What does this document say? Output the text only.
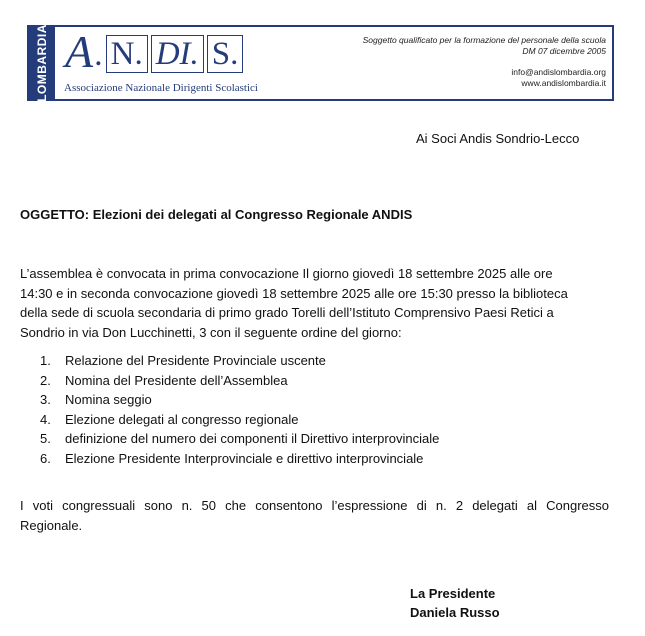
LOMBARDIA A . N . DI . S .
Associazione Nazionale Dirigenti Scolastici
Soggetto qualificato per la formazione del personale della scuola
DM 07 dicembre 2005
info@andislombardia.org
www.andislombardia.it
Ai Soci Andis Sondrio-Lecco
OGGETTO: Elezioni dei delegati al Congresso Regionale ANDIS
L’assemblea è convocata in prima convocazione Il giorno giovedì 18 settembre 2025 alle ore
14:30 e in seconda convocazione giovedì 18 settembre 2025 alle ore 15:30 presso la biblioteca
della sede di scuola secondaria di primo grado Torelli dell’Istituto Comprensivo Paesi Retici a
Sondrio in via Don Lucchinetti, 3 con il seguente ordine del giorno:
1. Relazione del Presidente Provinciale uscente
2. Nomina del Presidente dell’Assemblea
3. Nomina seggio
4. Elezione delegati al congresso regionale
5. definizione del numero dei componenti il Direttivo interprovinciale
6. Elezione Presidente Interprovinciale e direttivo interprovinciale
I voti congressuali sono n. 50 che consentono l’espressione di n. 2 delegati al Congresso
Regionale.
La Presidente
Daniela Russo
